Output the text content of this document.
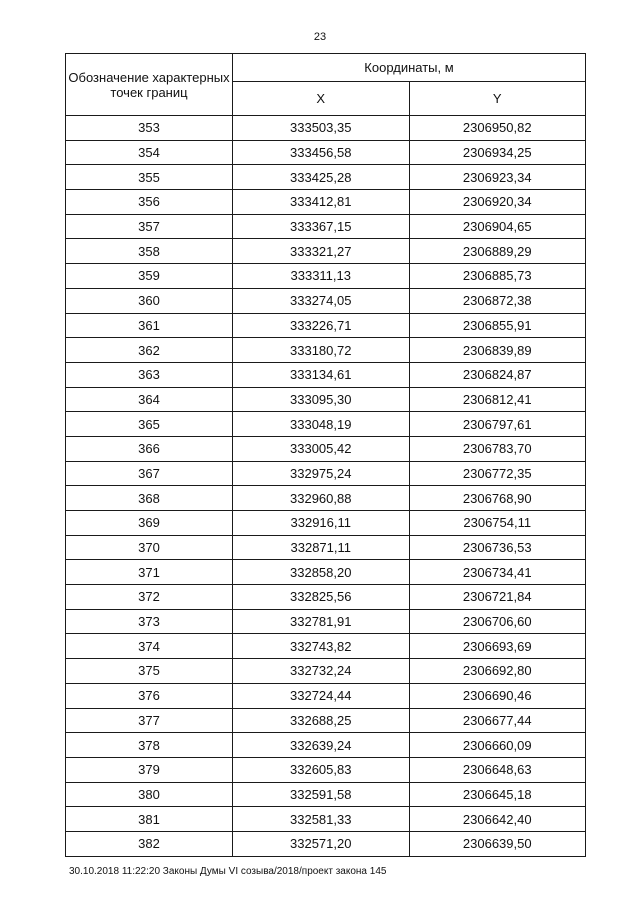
23
Обозначение характерных точек границ	Координаты, м	
	X	Y
353	333503,35	2306950,82
354	333456,58	2306934,25
355	333425,28	2306923,34
356	333412,81	2306920,34
357	333367,15	2306904,65
358	333321,27	2306889,29
359	333311,13	2306885,73
360	333274,05	2306872,38
361	333226,71	2306855,91
362	333180,72	2306839,89
363	333134,61	2306824,87
364	333095,30	2306812,41
365	333048,19	2306797,61
366	333005,42	2306783,70
367	332975,24	2306772,35
368	332960,88	2306768,90
369	332916,11	2306754,11
370	332871,11	2306736,53
371	332858,20	2306734,41
372	332825,56	2306721,84
373	332781,91	2306706,60
374	332743,82	2306693,69
375	332732,24	2306692,80
376	332724,44	2306690,46
377	332688,25	2306677,44
378	332639,24	2306660,09
379	332605,83	2306648,63
380	332591,58	2306645,18
381	332581,33	2306642,40
382	332571,20	2306639,50
30.10.2018 11:22:20 Законы Думы VI созыва/2018/проект закона 145
